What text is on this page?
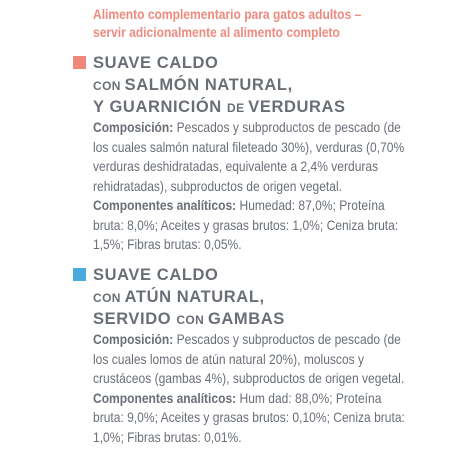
Alimento complementario para gatos adultos –
servir adicionalmente al alimento completo
SUAVE CALDO
CON SALMÓN NATURAL,
Y GUARNICIÓN DE VERDURAS
Composición: Pescados y subproductos de pescado (de
los cuales salmón natural fileteado 30%), verduras (0,70%
verduras deshidratadas, equivalente a 2,4% verduras
rehidratadas), subproductos de origen vegetal.
Componentes analíticos: Humedad: 87,0%; Proteína
bruta: 8,0%; Aceites y grasas brutos: 1,0%; Ceniza bruta:
1,5%; Fibras brutas: 0,05%.
SUAVE CALDO
CON ATÚN NATURAL,
SERVIDO CON GAMBAS
Composición: Pescados y subproductos de pescado (de
los cuales lomos de atún natural 20%), moluscos y
crustáceos (gambas 4%), subproductos de origen vegetal.
Componentes analíticos: Hum dad: 88,0%; Proteína
bruta: 9,0%; Aceites y grasas brutos: 0,10%; Ceniza bruta:
1,0%; Fibras brutas: 0,01%.
